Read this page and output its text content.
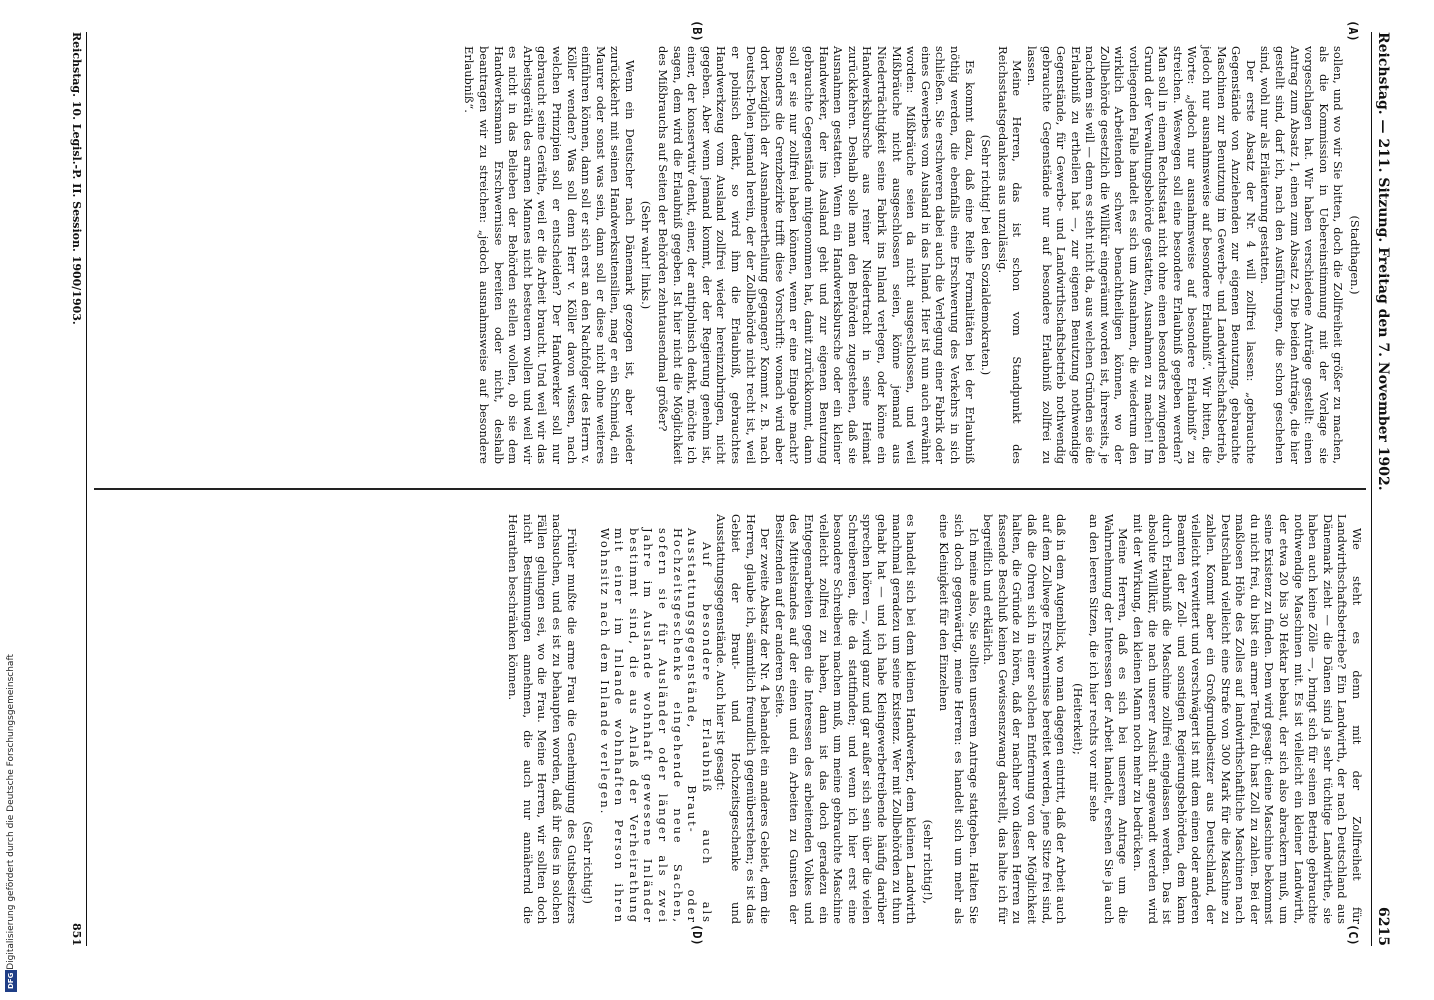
DFG
Digitalisierung gefördert durch die Deutsche Forschungsgemeinschaft
Reichstag. — 211. Sitzung. Freitag den 7. November 1902.
6215
(A)
(B)
(C)
(D)
(Stadthagen.)

sollen, und wo wir Sie bitten, doch die Zollfreiheit größer zu machen, als die Kommission in Uebereinstimmung mit der Vorlage sie vorgeschlagen hat. Wir haben verschiedene Anträge gestellt: einen Antrag zum Absatz 1, einen zum Absatz 2. Die beiden Anträge, die hier gestellt sind, darf ich, nach den Ausführungen, die schon geschehen sind, wohl nur als Erläuterung gestatten.

Der erste Absatz der Nr. 4 will zollfrei lassen: „gebrauchte Gegenstände von Anziehenden zur eigenen Benutzung, gebrauchte Maschinen zur Benutzung im Gewerbe- und Landwirthschaftsbetrieb, jedoch nur ausnahmsweise auf besondere Erlaubniß“. Wir bitten, die Worte: „jedoch nur ausnahmsweise auf besondere Erlaubniß“ zu streichen. Weswegen soll eine besondere Erlaubniß gegeben werden? Man soll in einem Rechtsstaat nicht ohne einen besonders zwingenden Grund der Verwaltungsbehörde gestatten, Ausnahmen zu machen! Im vorliegenden Falle handelt es sich um Ausnahmen, die wiederum den wirklich Arbeitenden schwer benachtheiligen können, wo der Zollbehörde gesetzlich die Willkür eingeräumt worden ist, ihrerseits, je nachdem sie will — denn es steht nicht da, aus welchen Gründen sie die Erlaubniß zu ertheilen hat —, zur eigenen Benutzung nothwendige Gegenstände, für Gewerbe- und Landwirthschaftsbetrieb nothwendig gebrauchte Gegenstände nur auf besondere Erlaubniß zollfrei zu lassen.

Meine Herren, das ist schon vom Standpunkt des Reichsstaatsgedankens aus unzulässig.

(Sehr richtig! bei den Sozialdemokraten.)

Es kommt dazu, daß eine Reihe Formalitäten bei der Erlaubniß nöthig werden, die ebenfalls eine Erschwerung des Verkehrs in sich schließen. Sie erschweren dabei auch die Verlegung einer Fabrik oder eines Gewerbes vom Ausland in das Inland. Hier ist nun auch erwähnt worden: Mißbräuche seien da nicht ausgeschlossen, und weil Mißbräuche nicht ausgeschlossen seien, könne jemand aus Niederträchtigkeit seine Fabrik ins Inland verlegen, oder könne ein Handwerksbursche aus reiner Niedertracht in seine Heimat zurückkehren. Deshalb solle man den Behörden zugestehen, daß sie Ausnahmen gestatten. Wenn ein Handwerksbursche oder ein kleiner Handwerker, der ins Ausland geht und zur eigenen Benutzung gebrauchte Gegenstände mitgenommen hat, damit zurückkommt, dann soll er sie nur zollfrei haben können, wenn er eine Eingabe macht? Besonders die Grenzbezirke trifft diese Vorschrift: wonach wird aber dort bezüglich der Ausnahmeertheilung gegangen? Kommt z. B. nach Deutsch-Polen jemand herein, der der Zollbehörde nicht recht ist, weil er polnisch denkt, so wird ihm die Erlaubniß, gebrauchtes Handwerkzeug vom Ausland zollfrei wieder hereinzubringen, nicht gegeben. Aber wenn jemand kommt, der der Regierung genehm ist, einer, der konservativ denkt, einer, der antipolnisch denkt, möchte ich sagen, dem wird die Erlaubniß gegeben. Ist hier nicht die Möglichkeit des Mißbrauchs auf Seiten der Behörden zehntausendmal größer?

(Sehr wahr! links.)

Wenn ein Deutscher nach Dänemark gezogen ist, aber wieder zurückkehrt mit seinen Handwerksutensilien, mag er ein Schmied, ein Maurer oder sonst was sein, dann soll er diese nicht ohne weiteres einführen können, dann soll er sich erst an den Nachfolger des Herrn v. Köller wenden? Was soll denn Herr v. Köller davon wissen, nach welchen Prinzipien soll er entscheiden? Der Handwerker soll nur gebraucht seine Geräthe, weil er die Arbeit braucht. Und weil wir das Arbeitsgeräth des armen Mannes nicht besteuern wollen und weil wir es nicht in das Belieben der Behörden stellen wollen, ob sie dem Handwerksmann Erschwernisse bereiten oder nicht, deshalb beantragen wir zu streichen: „jedoch ausnahmsweise auf besondere Erlaubniß“.

Wie steht es denn mit der Zollfreiheit für Landwirthschaftsbetriebe? Ein Landwirth, der nach Deutschland aus Dänemark zieht — die Dänen sind ja sehr tüchtige Landwirthe, sie haben auch keine Zölle —, bringt sich für seinen Betrieb gebrauchte nothwendige Maschinen mit. Es ist vielleicht ein kleiner Landwirth, der etwa 20 bis 30 Hektar bebaut, der sich also abrackern muß, um seine Existenz zu finden. Dem wird gesagt: deine Maschine bekommst du nicht frei, du bist ein armer Teufel, du hast Zoll zu zahlen. Bei der maßlosen Höhe des Zolles auf landwirthschaftliche Maschinen nach Deutschland vielleicht eine Strafe von 300 Mark für die Maschine zu zahlen. Kommt aber ein Großgrundbesitzer aus Deutschland, der vielleicht verwittert und verschwägert ist mit dem einen oder anderen Beamten der Zoll- und sonstigen Regierungsbehörden, dem kann durch Erlaubniß die Maschine zollfrei eingelassen werden. Das ist absolute Willkür, die nach unserer Ansicht angewandt werden wird mit der Wirkung, den kleinen Mann noch mehr zu bedrücken.

Meine Herren, daß es sich bei unserem Antrage um die Wahrnehmung der Interessen der Arbeit handelt, ersehen Sie ja auch an den leeren Sitzen, die ich hier rechts vor mir sehe

(Heiterkeit);

daß in dem Augenblick, wo man dagegen eintritt, daß der Arbeit auch auf dem Zollwege Erschwernisse bereitet werden, jene Sitze frei sind, daß die Ohren sich in einer solchen Entfernung von der Möglichkeit halten, die Gründe zu hören, daß der nachher von diesen Herren zu fassende Beschluß keinen Gewissenszwang darstellt, das halte ich für begreiflich und erklärlich.

Ich meine also, Sie sollten unserem Antrage stattgeben. Halten Sie sich doch gegenwärtig, meine Herren: es handelt sich um mehr als eine Kleinigkeit für den Einzelnen

(sehr richtig!),

es handelt sich bei dem kleinen Handwerker, dem kleinen Landwirth manchmal geradezu um seine Existenz. Wer mit Zollbehörden zu thun gehabt hat — und ich habe Kleingewerbetreibende häufig darüber sprechen hören —, wird ganz und gar außer sich sein über die vielen Schreibereien, die da stattfinden; und wenn ich hier erst eine besondere Schreiberei machen muß, um meine gebrauchte Maschine vielleicht zollfrei zu haben, dann ist das doch geradezu ein Entgegenarbeiten gegen die Interessen des arbeitenden Volkes und des Mittelstandes auf der einen und ein Arbeiten zu Gunsten der Besitzenden auf der anderen Seite.

Der zweite Absatz der Nr. 4 behandelt ein anderes Gebiet, dem die Herren, glaube ich, sämmtlich freundlich gegenüberstehen; es ist das Gebiet der Braut- und Hochzeitsgeschenke und Ausstattungsgegenstände. Auch hier ist gesagt:

Auf besondere Erlaubniß auch als Ausstattungsgegenstände, Braut- oder Hochzeitsgeschenke eingehende neue Sachen, sofern sie für Ausländer oder länger als zwei Jahre im Auslande wohnhaft gewesene Inländer bestimmt sind, die aus Anlaß der Verheirathung mit einer im Inlande wohnhaften Person ihren Wohnsitz nach dem Inlande verlegen.

(Sehr richtig!)

Früher mußte die arme Frau die Genehmigung des Gutsbesitzers nachsuchen, und es ist zu behaupten worden, daß ihr dies in solchen Fällen gelungen sei, wo die Frau. Meine Herren, wir sollten doch nicht Bestimmungen annehmen, die auch nur annähernd die Heirathen beschränken können.

Reichstag. 10. Legisl.-P. II. Session. 1900/1903.
851
